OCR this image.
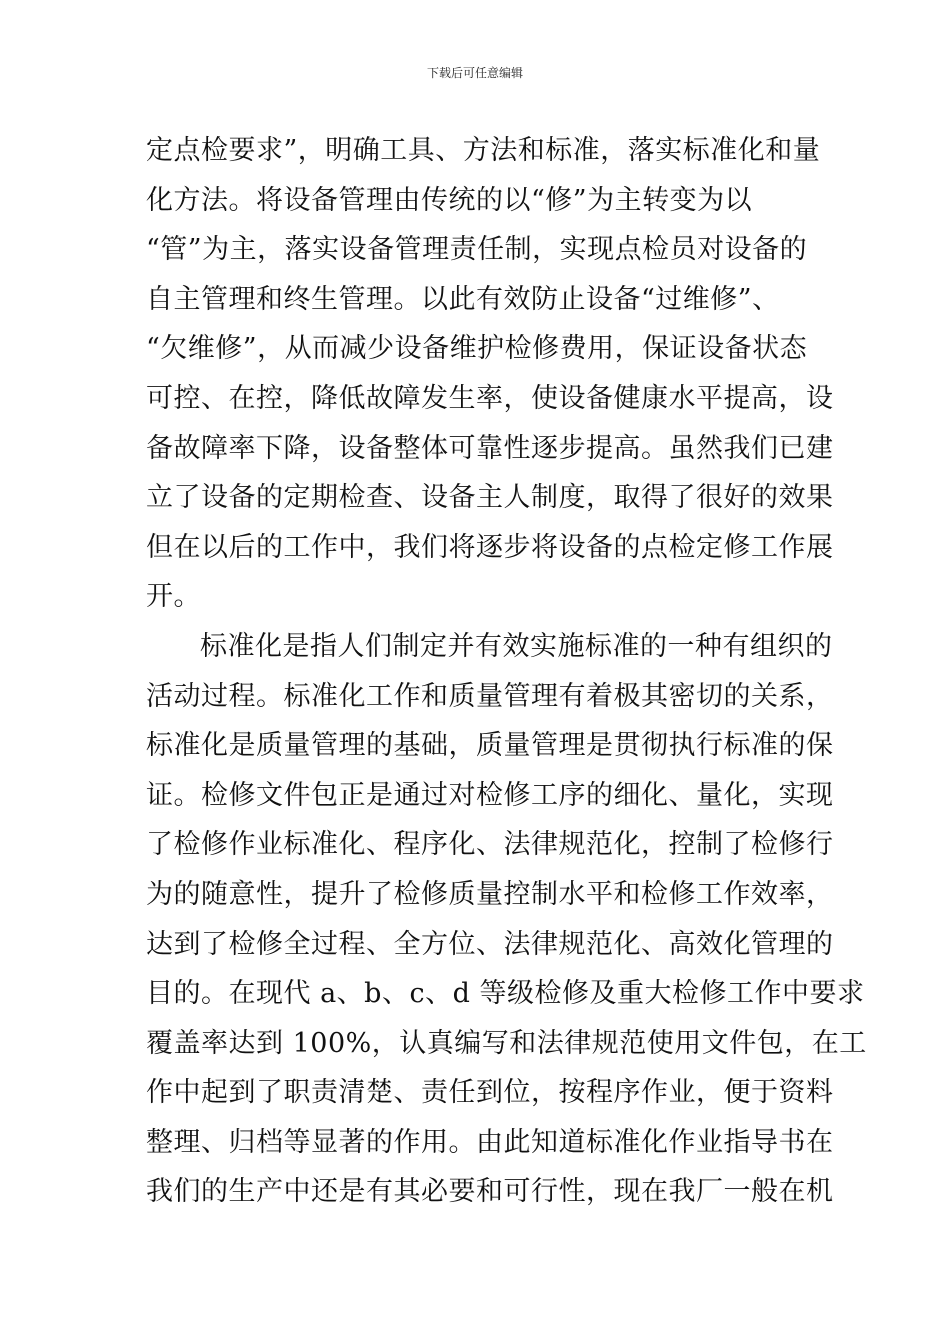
下载后可任意编辑
定点检要求”，明确工具、方法和标准，落实标准化和量
化方法。将设备管理由传统的以“修”为主转变为以
“管”为主，落实设备管理责任制，实现点检员对设备的
自主管理和终生管理。以此有效防止设备“过维修”、
“欠维修”，从而减少设备维护检修费用，保证设备状态
可控、在控，降低故障发生率，使设备健康水平提高，设
备故障率下降，设备整体可靠性逐步提高。虽然我们已建
立了设备的定期检查、设备主人制度，取得了很好的效果
但在以后的工作中，我们将逐步将设备的点检定修工作展
开。
标准化是指人们制定并有效实施标准的一种有组织的
活动过程。标准化工作和质量管理有着极其密切的关系，
标准化是质量管理的基础，质量管理是贯彻执行标准的保
证。检修文件包正是通过对检修工序的细化、量化，实现
了检修作业标准化、程序化、法律规范化，控制了检修行
为的随意性，提升了检修质量控制水平和检修工作效率，
达到了检修全过程、全方位、法律规范化、高效化管理的
目的。在现代 a、b、c、d 等级检修及重大检修工作中要求
覆盖率达到 100%，认真编写和法律规范使用文件包，在工
作中起到了职责清楚、责任到位，按程序作业，便于资料
整理、归档等显著的作用。由此知道标准化作业指导书在
我们的生产中还是有其必要和可行性，现在我厂一般在机
